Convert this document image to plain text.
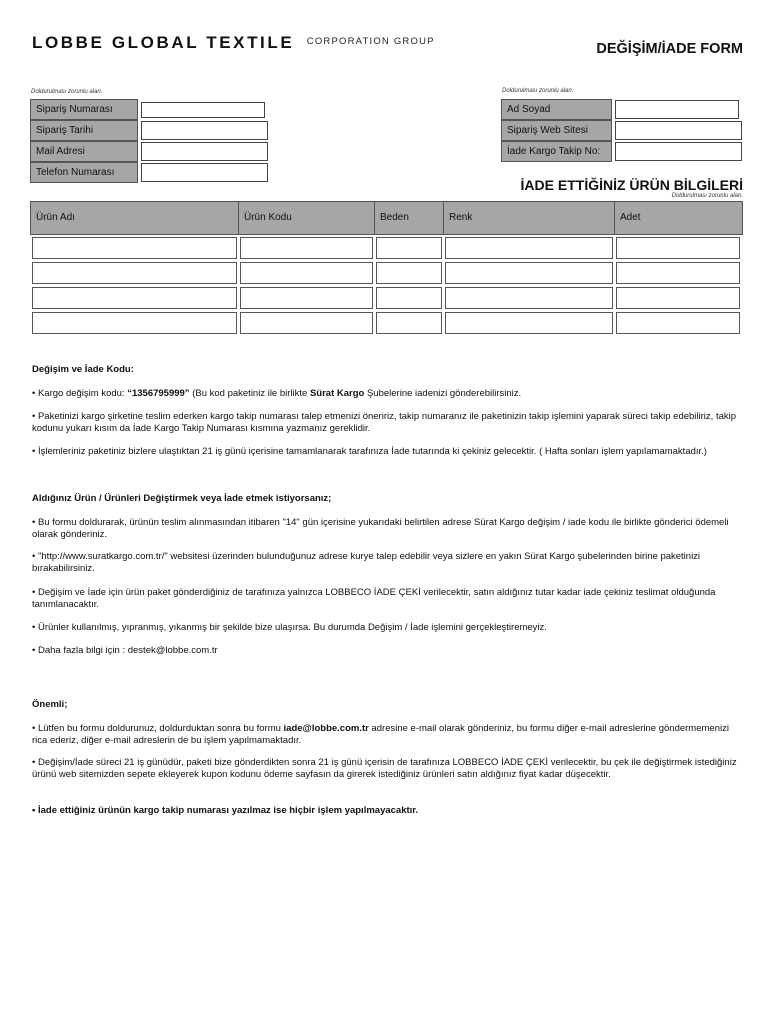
LOBBE GLOBAL TEXTILE $^{CORPORATION GROUP}$	DEĞİŞİM/İADE FORM
Doldurulması zorunlu alan.
Sipariş Numarası
Sipariş Tarihi
Mail Adresi
Telefon Numarası
Doldurulması zorunlu alan.
Ad Soyad
Sipariş Web Sitesi
İade Kargo Takip No:
İADE ETTİĞİNİZ ÜRÜN BİLGİLERİ
Doldurulması zorunlu alan.
Ürün Adı	Ürün Kodu	Beden	Renk	Adet
Değişim ve İade Kodu:
• Kargo değişim kodu: “1356795999” (Bu kod paketiniz ile birlikte Sürat Kargo Şubelerine iadenizi gönderebilirsiniz.
• Paketinizi kargo şirketine teslim ederken kargo takip numarası talep etmenizi öneririz, takip numaranız ile paketinizin takip işlemini yaparak süreci takip edebiliriz, takip kodunu yukarı kısım da İade Kargo Takip Numarası kısmına yazmanız gereklidir.
• İşlemleriniz paketiniz bizlere ulaştıktan 21 iş günü içerisine tamamlanarak tarafınıza İade tutarında ki çekiniz gelecektir. ( Hafta sonları işlem yapılamamaktadır.)
Aldığınız Ürün / Ürünleri Değiştirmek veya İade etmek istiyorsanız;
• Bu formu doldurarak, ürünün teslim alınmasından itibaren "14" gün içerisine yukarıdaki belirtilen adrese Sürat Kargo değişim / iade kodu ile birlikte gönderici ödemeli olarak gönderiniz.
• "http://www.suratkargo.com.tr/" websitesi üzerinden bulunduğunuz adrese kurye talep edebilir veya sizlere en yakın Sürat Kargo şubelerinden birine paketinizi bırakabilirsiniz.
• Değişim ve İade için ürün paket gönderdiğiniz de tarafınıza yalnızca LOBBECO İADE ÇEKİ verilecektir, satın aldığınız tutar kadar iade çekiniz teslimat olduğunda tanımlanacaktır.
• Ürünler kullanılmış, yıpranmış, yıkanmış bir şekilde bize ulaşırsa. Bu durumda Değişim / İade işlemini gerçekleştiremeyiz.
• Daha fazla bilgi için : destek@lobbe.com.tr
Önemli;
• Lütfen bu formu doldurunuz, doldurduktan sonra bu formu iade@lobbe.com.tr adresine e-mail olarak gönderiniz, bu formu diğer e-mail adreslerine göndermemenizi rica ederiz, diğer e-mail adreslerin de bu işlem yapılmamaktadır.
• Değişim/İade süreci 21 iş günüdür, paketi bize gönderdikten sonra 21 iş günü içerisin de tarafınıza LOBBECO İADE ÇEKİ verilecektir, bu çek ile değiştirmek istediğiniz ürünü web sitemizden sepete ekleyerek kupon kodunu ödeme sayfasın da girerek istediğiniz ürünleri satın aldığınız fiyat kadar düşecektir.
• İade ettiğiniz ürünün kargo takip numarası yazılmaz ise hiçbir işlem yapılmayacaktır.
